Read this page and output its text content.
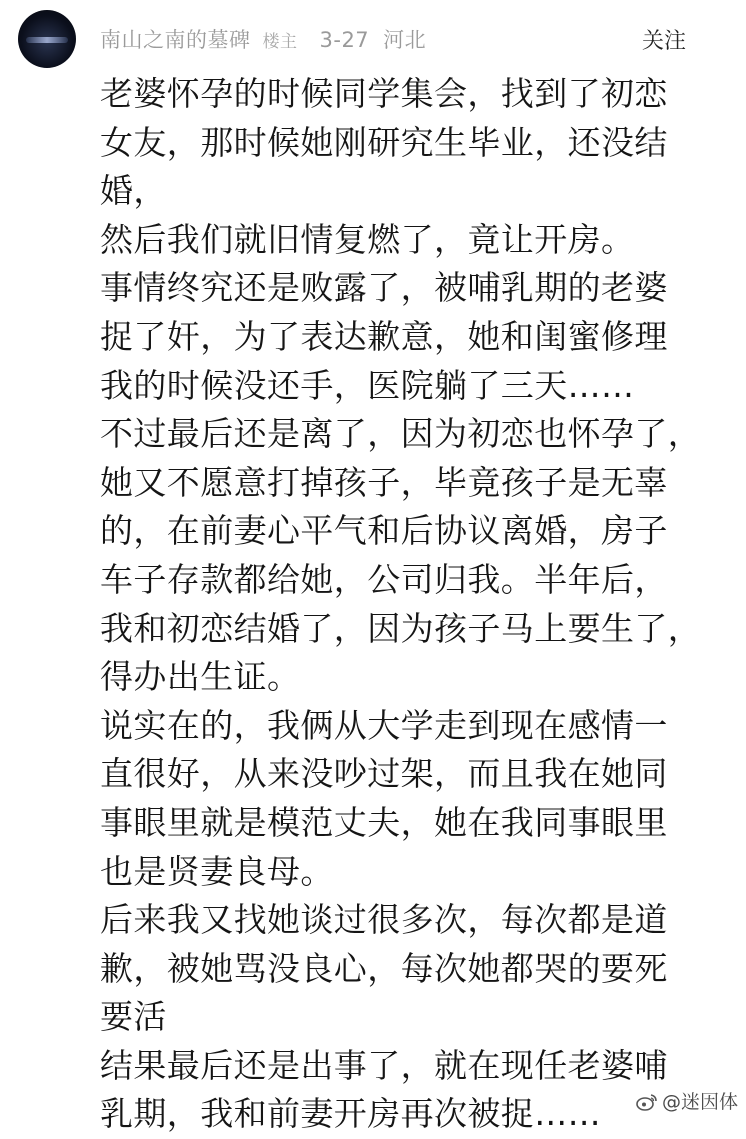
南山之南的墓碑 楼主 3-27 河北	关注

老婆怀孕的时候同学集会，找到了初恋
女友，那时候她刚研究生毕业，还没结婚，
然后我们就旧情复燃了，竟让开房。

事情终究还是败露了，被哺乳期的老婆
捉了奸，为了表达歉意，她和闺蜜修理
我的时候没还手，医院躺了三天……

不过最后还是离了，因为初恋也怀孕了，
她又不愿意打掉孩子，毕竟孩子是无辜
的，在前妻心平气和后协议离婚，房子
车子存款都给她，公司归我。半年后，
我和初恋结婚了，因为孩子马上要生了，
得办出生证。

说实在的，我俩从大学走到现在感情一
直很好，从来没吵过架，而且我在她同
事眼里就是模范丈夫，她在我同事眼里
也是贤妻良母。

后来我又找她谈过很多次，每次都是道
歉，被她骂没良心，每次她都哭的要死
要活

结果最后还是出事了，就在现任老婆哺
乳期，我和前妻开房再次被捉……	@迷因体
